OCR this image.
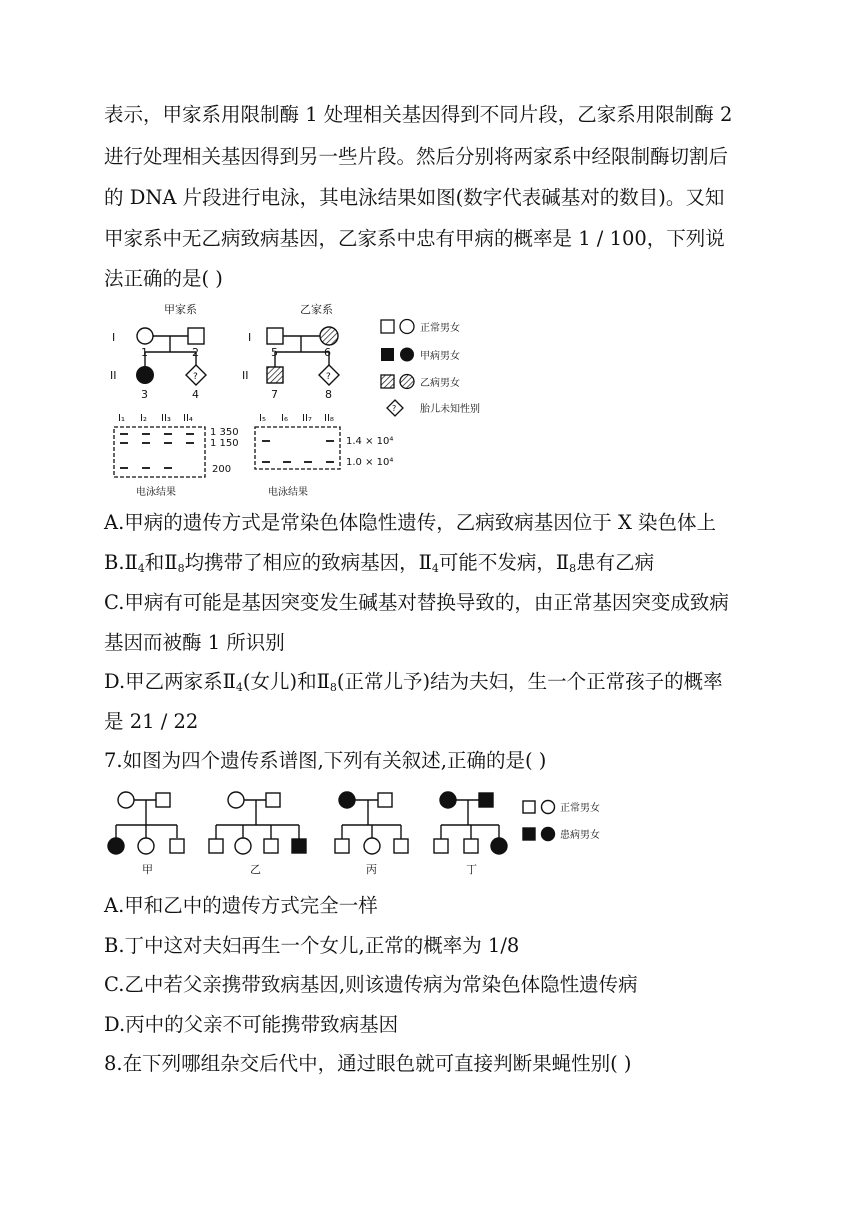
表示，甲家系用限制酶 1 处理相关基因得到不同片段，乙家系用限制酶 2
进行处理相关基因得到另一些片段。然后分别将两家系中经限制酶切割后
的 DNA 片段进行电泳，其电泳结果如图(数字代表碱基对的数目)。又知
甲家系中无乙病致病基因，乙家系中忠有甲病的概率是 1 / 100，下列说
法正确的是( )
甲家系
I
II
1	2
?
3	4
乙家系
I
II
5	6
?
7	8
正常男女
甲病男女
乙病男女
? 胎儿未知性别
I₁ I₂ II₃ II₄
1 350
1 150
200
电泳结果
I₅ I₆ II₇ II₈
1.4 × 10⁴
1.0 × 10⁴
电泳结果
A.甲病的遗传方式是常染色体隐性遗传，乙病致病基因位于 X 染色体上
$B.Ⅱ_4$和$Ⅱ_8$均携带了相应的致病基因，$Ⅱ_4$可能不发病，$Ⅱ_8$患有乙病
C.甲病有可能是基因突变发生碱基对替换导致的，由正常基因突变成致病
基因而被酶 1 所识别
D.甲乙两家系$Ⅱ_4$(女儿)和$Ⅱ_8$(正常儿予)结为夫妇，生一个正常孩子的概率
是 21 / 22
7.如图为四个遗传系谱图,下列有关叙述,正确的是( )
正常男女
患病男女
甲	乙	丙	丁
A.甲和乙中的遗传方式完全一样
B.丁中这对夫妇再生一个女儿,正常的概率为 1/8
C.乙中若父亲携带致病基因,则该遗传病为常染色体隐性遗传病
D.丙中的父亲不可能携带致病基因
8.在下列哪组杂交后代中，通过眼色就可直接判断果蝇性别( )
